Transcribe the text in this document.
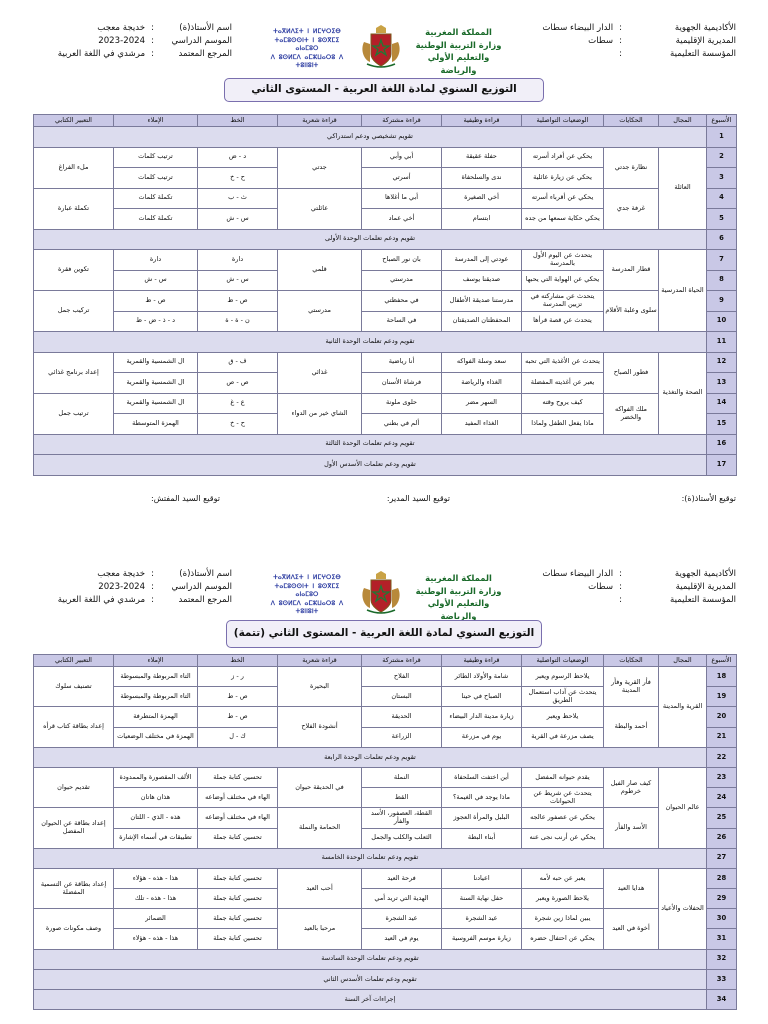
الأكاديمية الجهوية
:
الدار البيضاء سطات
المديرية الإقليمية
:
سطات
المؤسسة التعليمية
:
ⵜⴰⴳⵍⴷⵉⵜ ⵏ ⵍⵎⵖⵔⵉⴱ
ⵜⴰⵎⵓⵙⵙⵏⵜ ⵏ ⵓⵙⴳⵎⵉ ⴰⵏⴰⵎⵓⵔ
ⴷ ⵓⵙⵍⵎⴷ ⴰⵎⵣⵡⴰⵔⵓ ⴷ ⵜⵓⵏⵏⵓⵏⵜ
المملكة المغربية
وزارة التربية الوطنية
والتعليم الأولي والرياضة
اسم الأستاذ(ة)
:
خديجة معجب
الموسم الدراسي
:
2023-2024
المرجع المعتمد
:
مرشدي في اللغة العربية
التوزيع السنوي لمادة اللغة العربية - المستوى الثاني
الأسبوع	المجال	الحكايات	الوضعيات التواصلية	قراءة وظيفية	قراءة مشتركة	قراءة شعرية	الخط	الإملاء	التعبير الكتابي
1	تقويم تشخيصي ودعم استدراكي								
2	العائلة	نظارة جدتي	يحكي عن أفراد أسرته	حفلة عقيقة	أبي وأبي	جدتي	د - ض	ترتيب كلمات	ملء الفراغ
3			يحكي عن زيارة عائلية	ندى والسلحفاة	أسرتي		ح - خ	ترتيب كلمات	
4		غرفة جدي	يحكي عن أقرباء أسرته	أخي الصغيرة	أبي ما أغلاها	عائلتي	ث - ب	تكملة كلمات	تكملة عبارة
5			يحكي حكاية سمعها من جده	ابتسام	أخي عماد		س - ش	تكملة كلمات	
6	تقويم ودعم تعلمات الوحدة الأولى								
7	الحياة المدرسية	قطار المدرسة	يتحدث عن اليوم الأول بالمدرسة	عودتي إلى المدرسة	بان نور الصباح	قلمي	دارة	دارة	تكوين فقرة
8			يحكي عن الهواية التي يحبها	صديقنا يوسف	مدرستي		س - ش	س - ش	
9		سلوى وعلبة الأقلام	يتحدث عن مشاركته في تزيين المدرسة	مدرستنا صديقة الأطفال	في محفظتي	مدرستي	ص - ظ	ص - ظ	تركيب جمل
10			يتحدث عن قصة قرأها	المحفظتان الصديقتان	في الساحة		ن - ة - ة	د - ذ - ض - ظ	
11	تقويم ودعم تعلمات الوحدة الثانية								
12	الصحة والتغذية	فطور الصباح	يتحدث عن الأغذية التي تحبه	سعد وسلة الفواكه	أنا رياضية	غذائي	ف - ق	ال الشمسية والقمرية	إعداد برنامج غذائي
13			يعبر عن أغذيته المفضلة	الغذاء والرياضة	فرشاة الأسنان		ص - ص	ال الشمسية والقمرية	
14		ملك الفواكه والخضر	كيف يروح وقته	السهر مضر	حلوى ملونة	الشاي خير من الدواء	ع - غ	ال الشمسية والقمرية	ترتيب جمل
15			ماذا يفعل الطفل ولماذا	الغذاء المفيد	ألم في بطني		ح - خ	الهمزة المتوسطة	
16	تقويم ودعم تعلمات الوحدة الثالثة								
17	تقويم ودعم تعلمات الأسدس الأول								
توقيع الأستاذ(ة):
توقيع السيد المدير:
توقيع السيد المفتش:
الأكاديمية الجهوية
:
الدار البيضاء سطات
المديرية الإقليمية
:
سطات
المؤسسة التعليمية
:
ⵜⴰⴳⵍⴷⵉⵜ ⵏ ⵍⵎⵖⵔⵉⴱ
ⵜⴰⵎⵓⵙⵙⵏⵜ ⵏ ⵓⵙⴳⵎⵉ ⴰⵏⴰⵎⵓⵔ
ⴷ ⵓⵙⵍⵎⴷ ⴰⵎⵣⵡⴰⵔⵓ ⴷ ⵜⵓⵏⵏⵓⵏⵜ
المملكة المغربية
وزارة التربية الوطنية
والتعليم الأولي والرياضة
اسم الأستاذ(ة)
:
خديجة معجب
الموسم الدراسي
:
2023-2024
المرجع المعتمد
:
مرشدي في اللغة العربية
التوزيع السنوي لمادة اللغة العربية - المستوى الثاني (تتمة)
الأسبوع	المجال	الحكايات	الوضعيات التواصلية	قراءة وظيفية	قراءة مشتركة	قراءة شعرية	الخط	الإملاء	التعبير الكتابي
18	القرية والمدينة	فأر القرية وفأر المدينة	يلاحظ الرسوم ويعبر	شامة والأولاد الطائر	الفلاح	البحيرة	ر - ز	التاء المربوطة والمبسوطة	تصنيف سلوك
19			يتحدث عن آداب استعمال الطريق	الصباح في حينا	البستان		ص - ط	التاء المربوطة والمبسوطة	
20		أحمد والبطة	يلاحظ ويعبر	زيارة مدينة الدار البيضاء	الحديقة	أنشودة الفلاح	ص - ط	الهمزة المتطرفة	إعداد بطاقة كتاب قرأه
21			يصف مزرعة في القرية	يوم في مزرعة	الزراعة		ك - ل	الهمزة في مختلف الوضعيات	
22	تقويم ودعم تعلمات الوحدة الرابعة								
23	عالم الحيوان	كيف صار الفيل خرطوم	يقدم حيوانه المفضل	أين اختفت السلحفاة	النملة	في الحديقة حيوان	تحسين كتابة جملة	الألف المقصورة والممدودة	تقديم حيوان
24			يتحدث عن شريط عن الحيوانات	ماذا يوجد في الغيمة؟	القط		الهاء في مختلف أوضاعه	هذان هاتان	
25		الأسد والفأر	يحكي عن عصفور عالجه	البلبل والمرأة العجوز	القطة، العصفور، الأسد والفأر	الحمامة والنملة	الهاء في مختلف أوضاعه	هذه - الذي - اللتان	إعداد بطاقة عن الحيوان المفضل
26			يحكي عن أرنب نجى عنه	أبناء البطة	الثعلب والكلب والجمل		تحسين كتابة جملة	تطبيقات في أسماء الإشارة	
27	تقويم ودعم تعلمات الوحدة الخامسة								
28	الحفلات والأعياد	هدايا العيد	يعبر عن حبه لأمه	اعيادنا	فرحة العيد	أحب العيد	تحسين كتابة جملة	هذا - هذه - هؤلاء	إعداد بطاقة عن التسمية المفضلة
29			يلاحظ الصورة ويعبر	حفل نهاية السنة	الهدية التي تريد أمي		تحسين كتابة جملة	هذا - هذه - تلك	
30		أخوة في العيد	يبين لماذا زين شجرة	عيد الشجرة	عيد الشجرة	مرحبا بالعيد	تحسين كتابة جملة	الضمائر	وصف مكونات صورة
31			يحكي عن احتفال حضره	زيارة موسم الفروسية	يوم في العيد		تحسين كتابة جملة	هذا - هذه - هؤلاء	
32	تقويم ودعم تعلمات الوحدة السادسة								
33	تقويم ودعم تعلمات الأسدس الثاني								
34	إجراءات آخر السنة								
